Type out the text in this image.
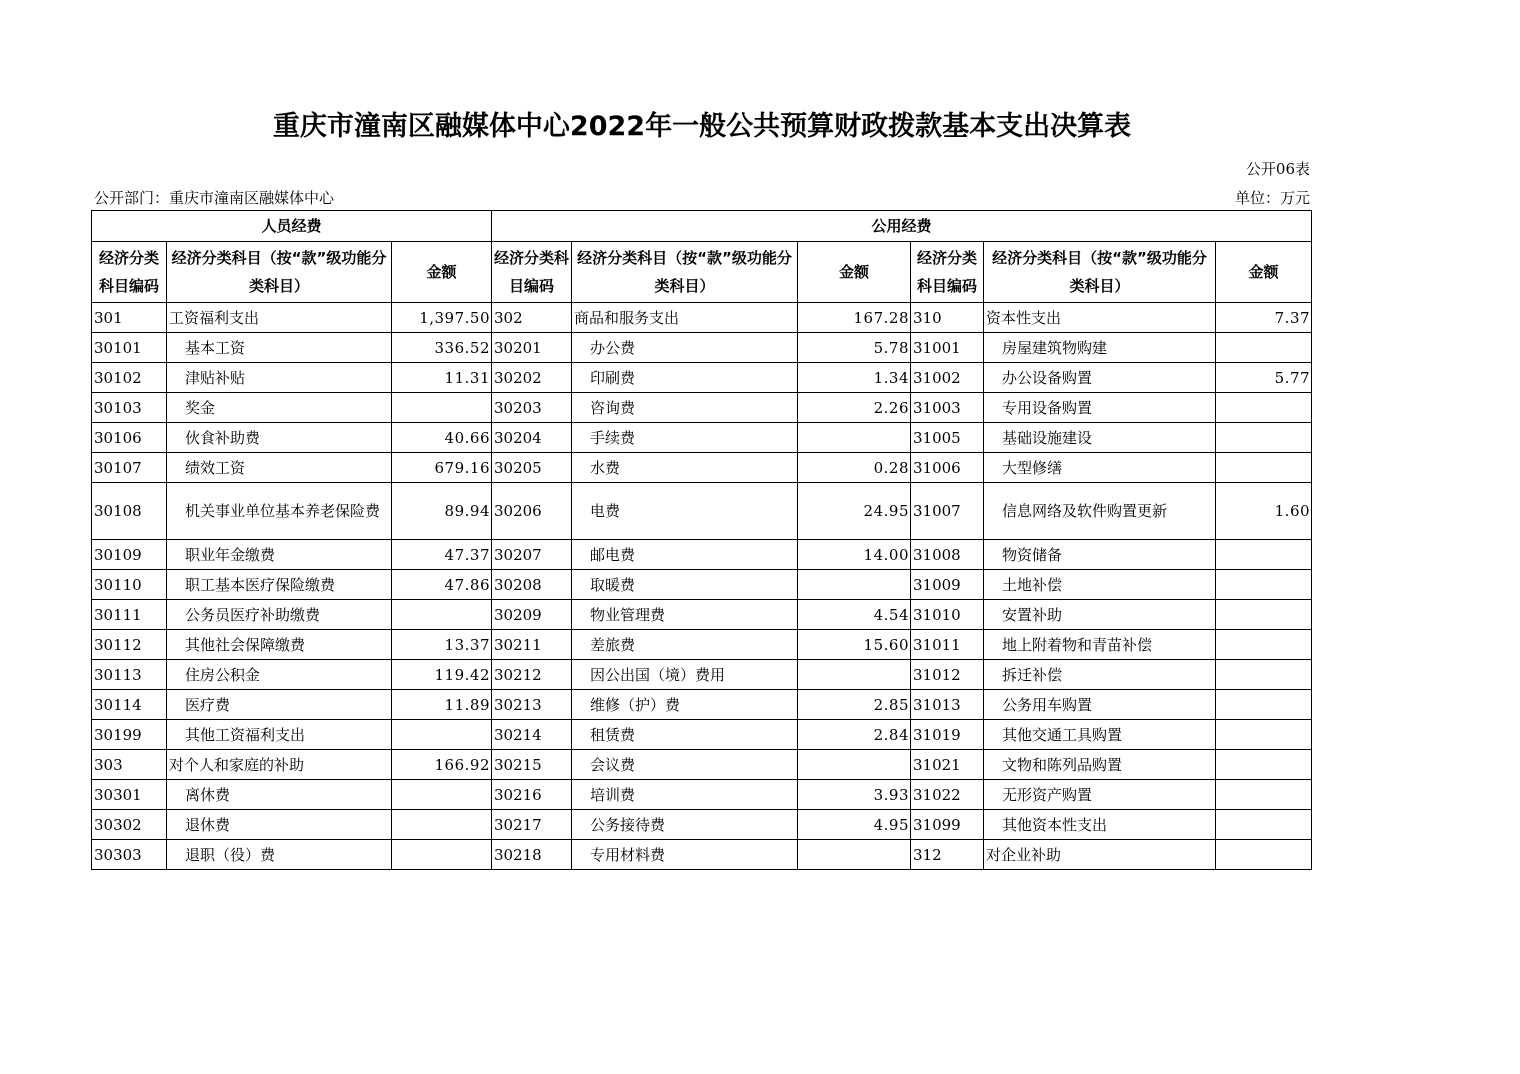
重庆市潼南区融媒体中心2022年一般公共预算财政拨款基本支出决算表
公开06表
公开部门：重庆市潼南区融媒体中心	单位：万元
人员经费			公用经费					
经济分类科目编码	经济分类科目（按“款”级功能分类科目）	金额	经济分类科目编码	经济分类科目（按“款”级功能分类科目）	金额	经济分类科目编码	经济分类科目（按“款”级功能分类科目）	金额
301	工资福利支出	1,397.50	302	商品和服务支出	167.28	310	资本性支出	7.37
30101	基本工资	336.52	30201	办公费	5.78	31001	房屋建筑物购建	
30102	津贴补贴	11.31	30202	印刷费	1.34	31002	办公设备购置	5.77
30103	奖金		30203	咨询费	2.26	31003	专用设备购置	
30106	伙食补助费	40.66	30204	手续费		31005	基础设施建设	
30107	绩效工资	679.16	30205	水费	0.28	31006	大型修缮	
30108	机关事业单位基本养老保险费	89.94	30206	电费	24.95	31007	信息网络及软件购置更新	1.60
30109	职业年金缴费	47.37	30207	邮电费	14.00	31008	物资储备	
30110	职工基本医疗保险缴费	47.86	30208	取暖费		31009	土地补偿	
30111	公务员医疗补助缴费		30209	物业管理费	4.54	31010	安置补助	
30112	其他社会保障缴费	13.37	30211	差旅费	15.60	31011	地上附着物和青苗补偿	
30113	住房公积金	119.42	30212	因公出国（境）费用		31012	拆迁补偿	
30114	医疗费	11.89	30213	维修（护）费	2.85	31013	公务用车购置	
30199	其他工资福利支出		30214	租赁费	2.84	31019	其他交通工具购置	
303	对个人和家庭的补助	166.92	30215	会议费		31021	文物和陈列品购置	
30301	离休费		30216	培训费	3.93	31022	无形资产购置	
30302	退休费		30217	公务接待费	4.95	31099	其他资本性支出	
30303	退职（役）费		30218	专用材料费		312	对企业补助	
